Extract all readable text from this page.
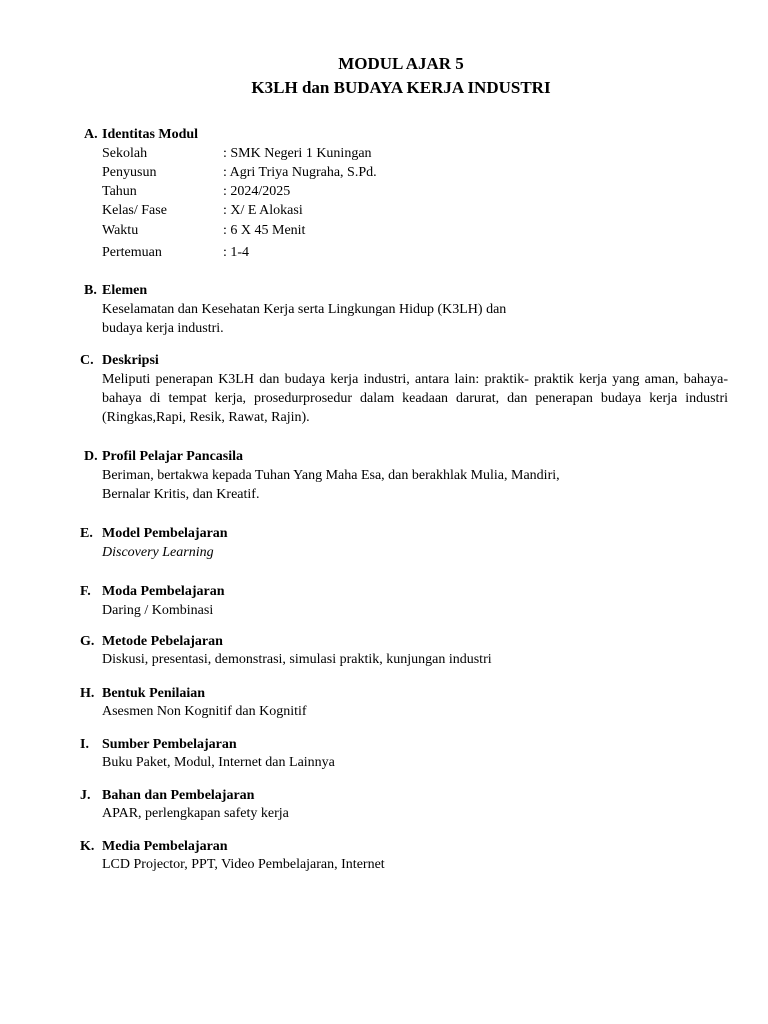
MODUL AJAR 5
K3LH dan BUDAYA KERJA INDUSTRI
A. Identitas Modul
Sekolah	: SMK Negeri 1 Kuningan
Penyusun	: Agri Triya Nugraha, S.Pd.
Tahun	: 2024/2025
Kelas/ Fase	: X/ E Alokasi
Waktu	: 6 X 45 Menit
Pertemuan	: 1-4
B. Elemen
Keselamatan dan Kesehatan Kerja serta Lingkungan Hidup (K3LH) dan
budaya kerja industri.
C. Deskripsi
Meliputi penerapan K3LH dan budaya kerja industri, antara lain: praktik- praktik kerja yang aman, bahaya-bahaya di tempat kerja, prosedurprosedur dalam keadaan darurat, dan penerapan budaya kerja industri (Ringkas,Rapi, Resik, Rawat, Rajin).
D. Profil Pelajar Pancasila
Beriman, bertakwa kepada Tuhan Yang Maha Esa, dan berakhlak Mulia, Mandiri,
Bernalar Kritis, dan Kreatif.
E. Model Pembelajaran
Discovery Learning
F. Moda Pembelajaran
Daring / Kombinasi
G. Metode Pebelajaran
Diskusi, presentasi, demonstrasi, simulasi praktik, kunjungan industri
H. Bentuk Penilaian
Asesmen Non Kognitif dan Kognitif
I. Sumber Pembelajaran
Buku Paket, Modul, Internet dan Lainnya
J. Bahan dan Pembelajaran
APAR, perlengkapan safety kerja
K. Media Pembelajaran
LCD Projector, PPT, Video Pembelajaran, Internet
